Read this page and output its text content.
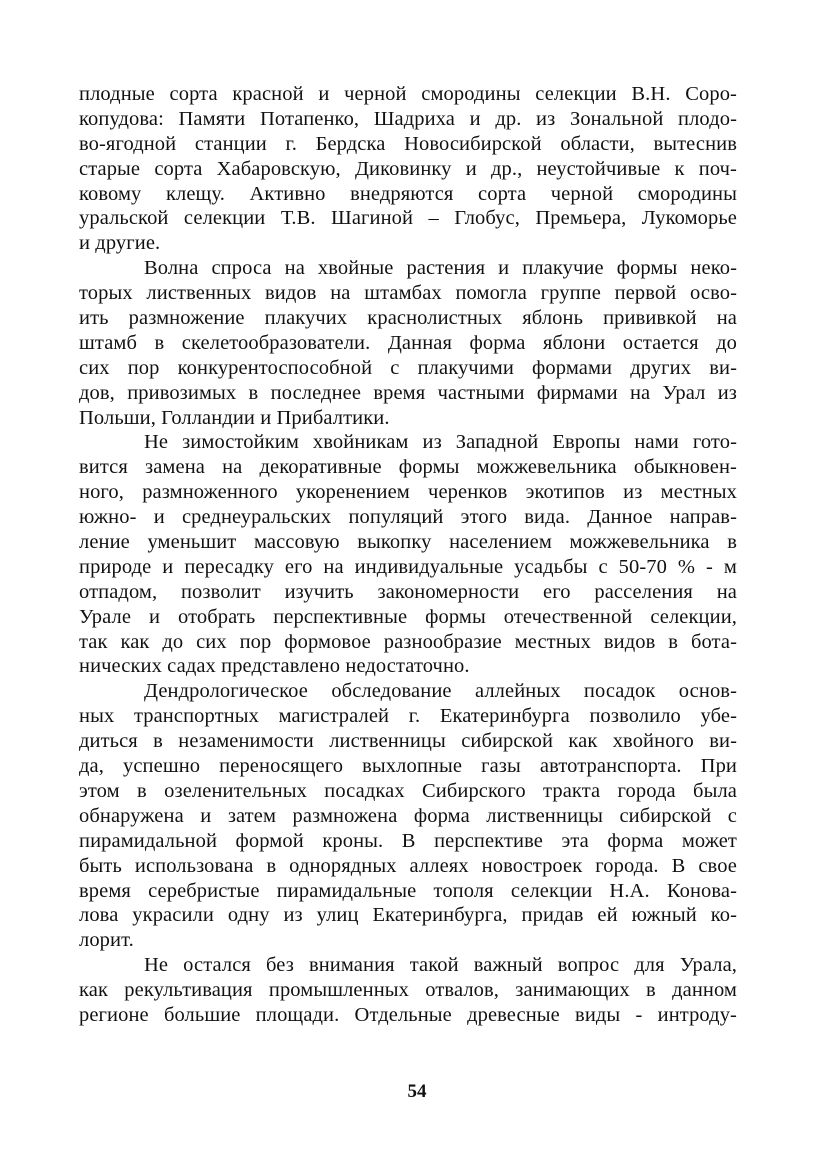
плодные сорта красной и черной смородины селекции В.Н. Соро-
копудова: Памяти Потапенко, Шадриха и др. из Зональной плодо-
во-ягодной станции г. Бердска Новосибирской области, вытеснив
старые сорта Хабаровскую, Диковинку и др., неустойчивые к поч-
ковому клещу. Активно внедряются сорта черной смородины
уральской селекции Т.В. Шагиной – Глобус, Премьера, Лукоморье
и другие.
Волна спроса на хвойные растения и плакучие формы неко-
торых лиственных видов на штамбах помогла группе первой осво-
ить размножение плакучих краснолистных яблонь прививкой на
штамб в скелетообразователи. Данная форма яблони остается до
сих пор конкурентоспособной с плакучими формами других ви-
дов, привозимых в последнее время частными фирмами на Урал из
Польши, Голландии и Прибалтики.
Не зимостойким хвойникам из Западной Европы нами гото-
вится замена на декоративные формы можжевельника обыкновен-
ного, размноженного укоренением черенков экотипов из местных
южно- и среднеуральских популяций этого вида. Данное направ-
ление уменьшит массовую выкопку населением можжевельника в
природе и пересадку его на индивидуальные усадьбы с 50-70 % - м
отпадом, позволит изучить закономерности его расселения на
Урале и отобрать перспективные формы отечественной селекции,
так как до сих пор формовое разнообразие местных видов в бота-
нических садах представлено недостаточно.
Дендрологическое обследование аллейных посадок основ-
ных транспортных магистралей г. Екатеринбурга позволило убе-
диться в незаменимости лиственницы сибирской как хвойного ви-
да, успешно переносящего выхлопные газы автотранспорта. При
этом в озеленительных посадках Сибирского тракта города была
обнаружена и затем размножена форма лиственницы сибирской с
пирамидальной формой кроны. В перспективе эта форма может
быть использована в однорядных аллеях новостроек города. В свое
время серебристые пирамидальные тополя селекции Н.А. Конова-
лова украсили одну из улиц Екатеринбурга, придав ей южный ко-
лорит.
Не остался без внимания такой важный вопрос для Урала,
как рекультивация промышленных отвалов, занимающих в данном
регионе большие площади. Отдельные древесные виды - интроду-
54
